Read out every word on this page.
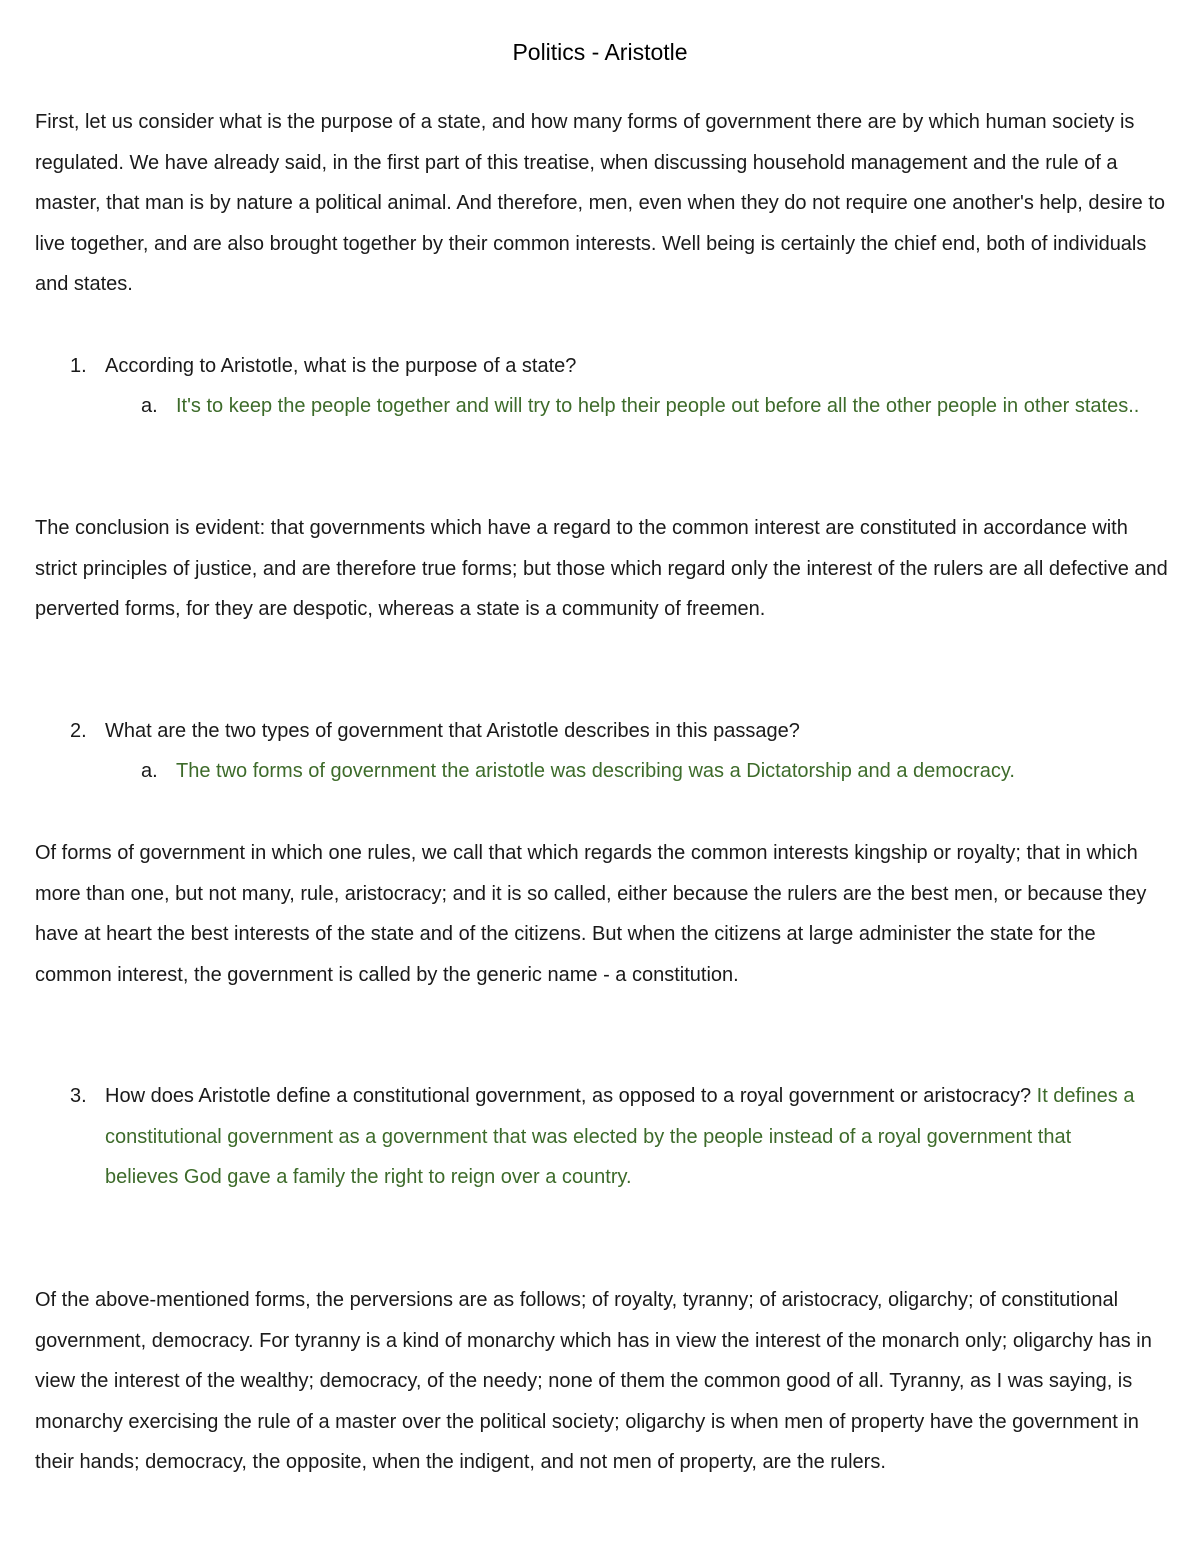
Politics - Aristotle

First, let us consider what is the purpose of a state, and how many forms of government there are by which human society is regulated. We have already said, in the first part of this treatise, when discussing household management and the rule of a master, that man is by nature a political animal. And therefore, men, even when they do not require one another's help, desire to live together, and are also brought together by their common interests. Well being is certainly the chief end, both of individuals and states.

1. According to Aristotle, what is the purpose of a state?
a. It's to keep the people together and will try to help their people out before all the other people in other states..

The conclusion is evident: that governments which have a regard to the common interest are constituted in accordance with strict principles of justice, and are therefore true forms; but those which regard only the interest of the rulers are all defective and perverted forms, for they are despotic, whereas a state is a community of freemen.

2. What are the two types of government that Aristotle describes in this passage?
a. The two forms of government the aristotle was describing was a Dictatorship and a democracy.

Of forms of government in which one rules, we call that which regards the common interests kingship or royalty; that in which more than one, but not many, rule, aristocracy; and it is so called, either because the rulers are the best men, or because they have at heart the best interests of the state and of the citizens. But when the citizens at large administer the state for the common interest, the government is called by the generic name - a constitution.

3. How does Aristotle define a constitutional government, as opposed to a royal government or aristocracy? It defines a constitutional government as a government that was elected by the people instead of a royal government that believes God gave a family the right to reign over a country.

Of the above-mentioned forms, the perversions are as follows; of royalty, tyranny; of aristocracy, oligarchy; of constitutional government, democracy. For tyranny is a kind of monarchy which has in view the interest of the monarch only; oligarchy has in view the interest of the wealthy; democracy, of the needy; none of them the common good of all. Tyranny, as I was saying, is monarchy exercising the rule of a master over the political society; oligarchy is when men of property have the government in their hands; democracy, the opposite, when the indigent, and not men of property, are the rulers.
